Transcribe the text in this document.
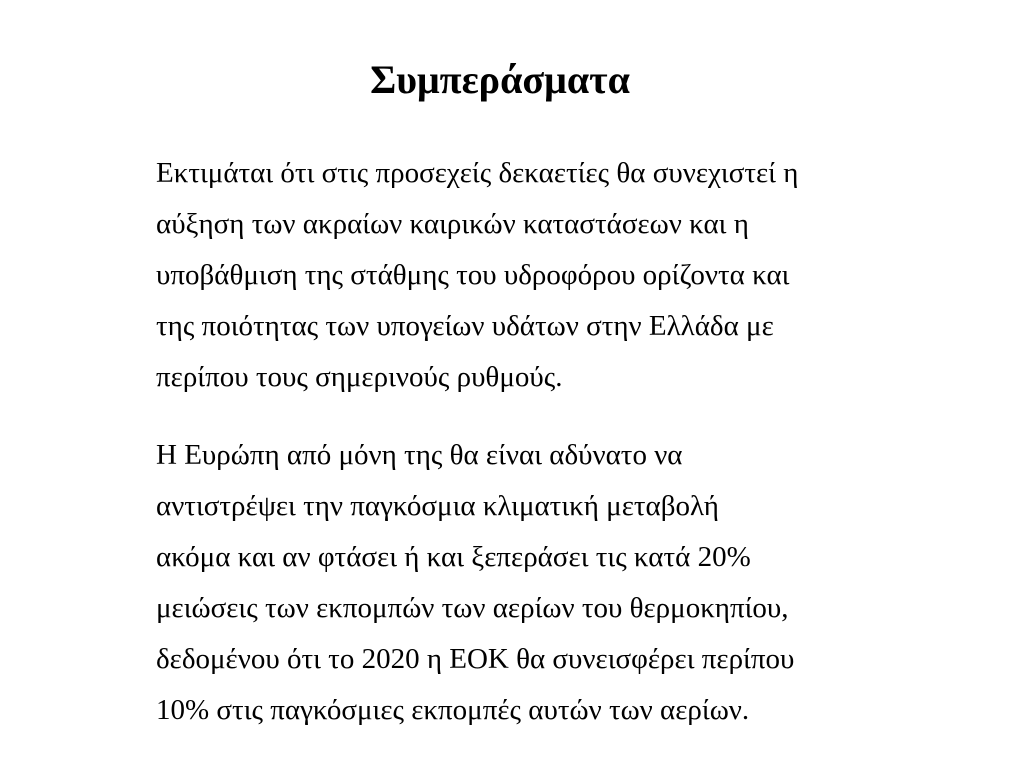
Συμπεράσματα

Εκτιμάται ότι στις προσεχείς δεκαετίες θα συνεχιστεί η
αύξηση των ακραίων καιρικών καταστάσεων και η
υποβάθμιση της στάθμης του υδροφόρου ορίζοντα και
της ποιότητας των υπογείων υδάτων στην Ελλάδα με
περίπου τους σημερινούς ρυθμούς.

Η Ευρώπη από μόνη της θα είναι αδύνατο να
αντιστρέψει την παγκόσμια κλιματική μεταβολή
ακόμα και αν φτάσει ή και ξεπεράσει τις κατά 20%
μειώσεις των εκπομπών των αερίων του θερμοκηπίου,
δεδομένου ότι το 2020 η ΕΟΚ θα συνεισφέρει περίπου
10% στις παγκόσμιες εκπομπές αυτών των αερίων.
